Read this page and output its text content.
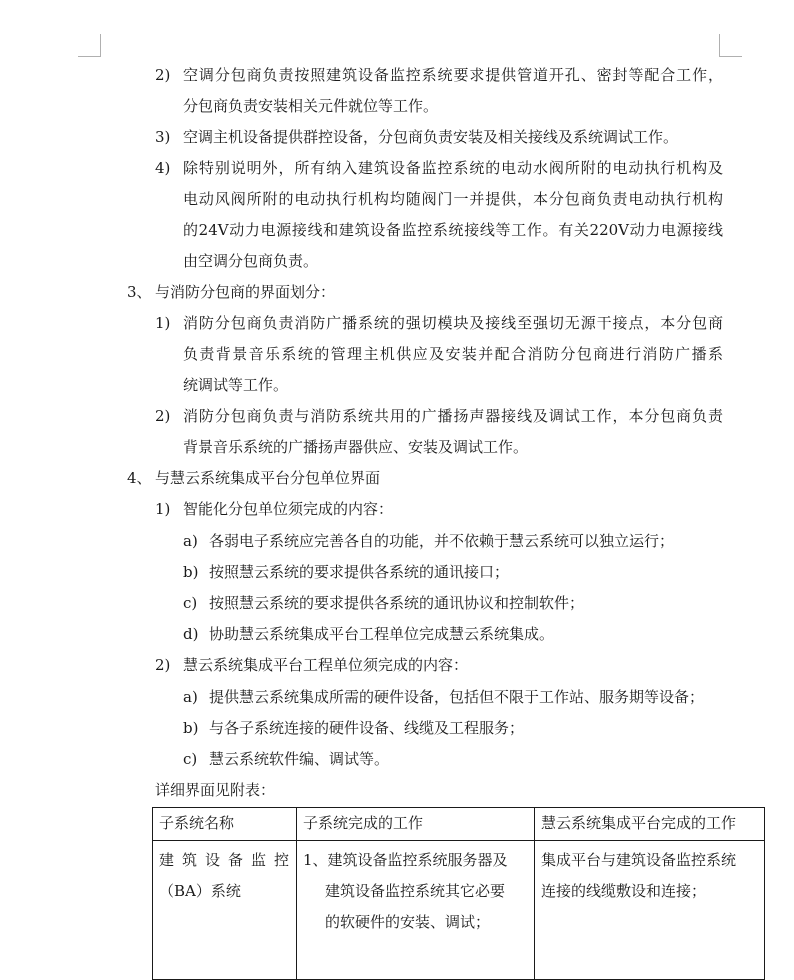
2) 空调分包商负责按照建筑设备监控系统要求提供管道开孔、密封等配合工作，
分包商负责安装相关元件就位等工作。
3) 空调主机设备提供群控设备，分包商负责安装及相关接线及系统调试工作。
4) 除特别说明外，所有纳入建筑设备监控系统的电动水阀所附的电动执行机构及
电动风阀所附的电动执行机构均随阀门一并提供，本分包商负责电动执行机构
的24V动力电源接线和建筑设备监控系统接线等工作。有关220V动力电源接线
由空调分包商负责。
3、 与消防分包商的界面划分：
1) 消防分包商负责消防广播系统的强切模块及接线至强切无源干接点，本分包商
负责背景音乐系统的管理主机供应及安装并配合消防分包商进行消防广播系
统调试等工作。
2) 消防分包商负责与消防系统共用的广播扬声器接线及调试工作，本分包商负责
背景音乐系统的广播扬声器供应、安装及调试工作。
4、 与慧云系统集成平台分包单位界面
1) 智能化分包单位须完成的内容：
a) 各弱电子系统应完善各自的功能，并不依赖于慧云系统可以独立运行；
b) 按照慧云系统的要求提供各系统的通讯接口；
c) 按照慧云系统的要求提供各系统的通讯协议和控制软件；
d) 协助慧云系统集成平台工程单位完成慧云系统集成。
2) 慧云系统集成平台工程单位须完成的内容：
a) 提供慧云系统集成所需的硬件设备，包括但不限于工作站、服务期等设备；
b) 与各子系统连接的硬件设备、线缆及工程服务；
c) 慧云系统软件编、调试等。
详细界面见附表：
子系统名称	子系统完成的工作	慧云系统集成平台完成的工作

建筑设备监控
（BA）系统	1、建筑设备监控系统服务器及
建筑设备监控系统其它必要
的软硬件的安装、调试；	集成平台与建筑设备监控系统
连接的线缆敷设和连接；
